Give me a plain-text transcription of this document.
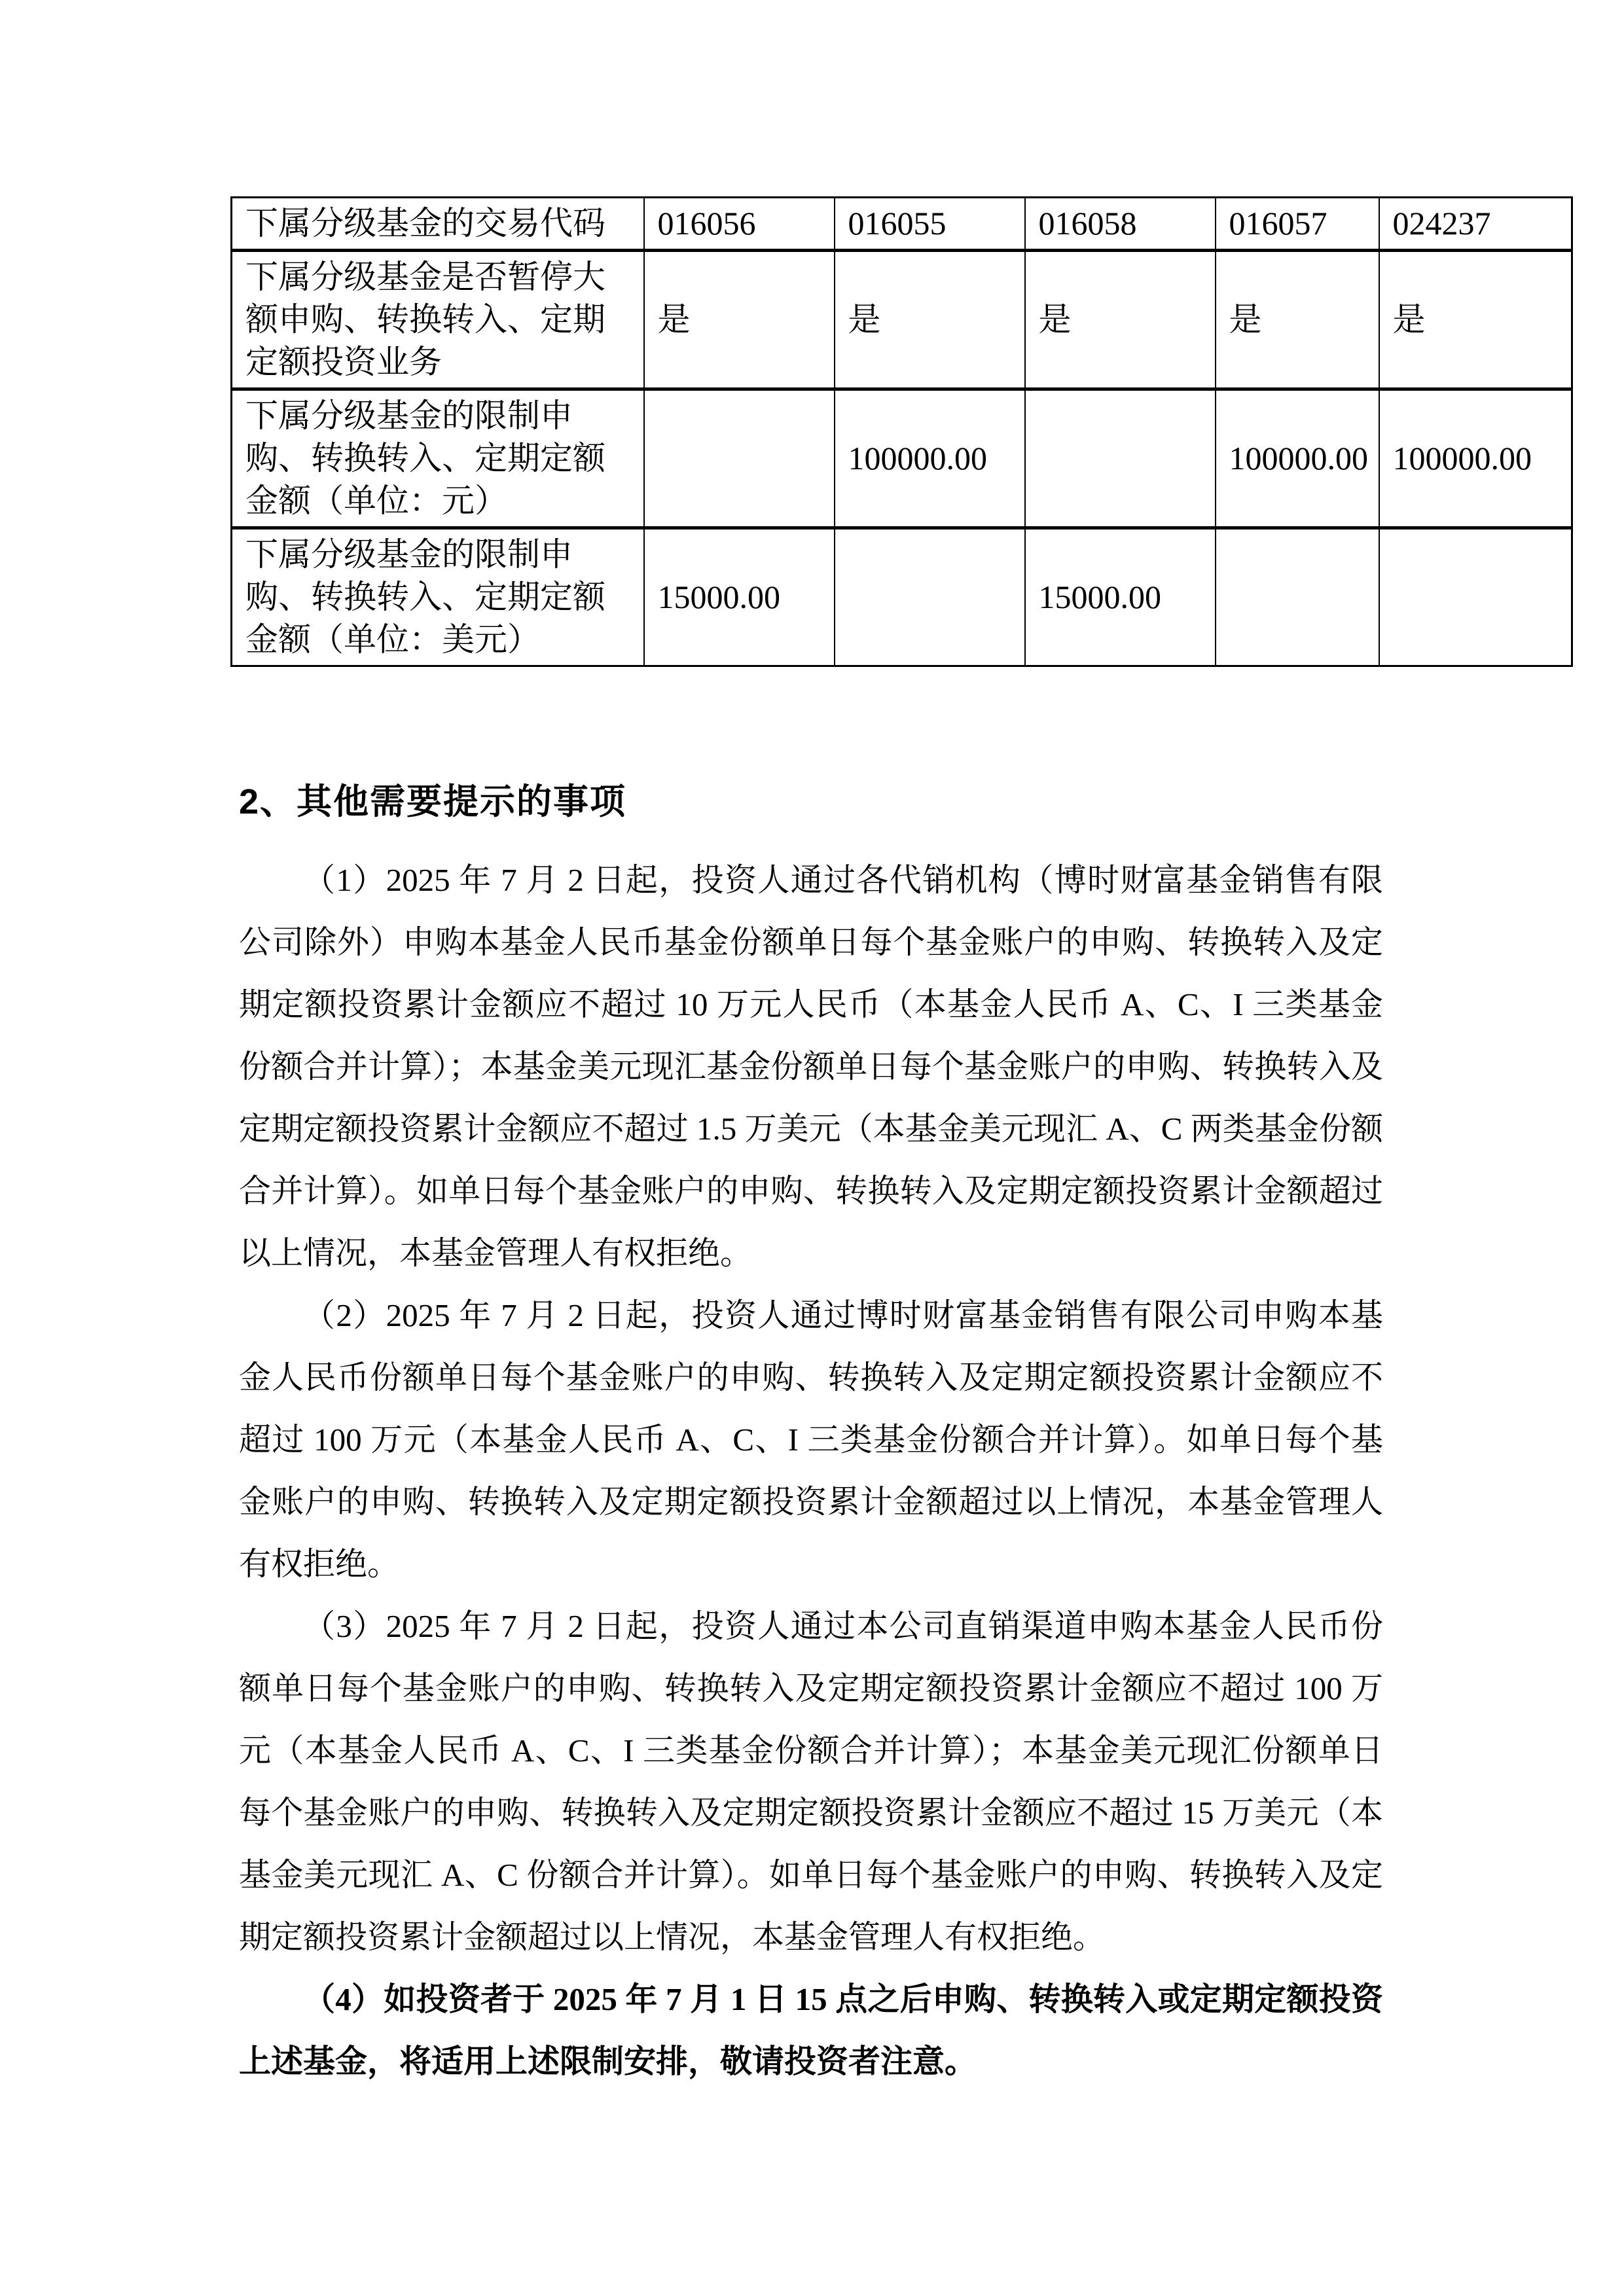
下属分级基金的交易代码	016056	016055	016058	016057	024237
下属分级基金是否暂停大额申购、转换转入、定期定额投资业务	是	是	是	是	是
下属分级基金的限制申购、转换转入、定期定额金额（单位：元）		100000.00		100000.00	100000.00
下属分级基金的限制申购、转换转入、定期定额金额（单位：美元）	15000.00		15000.00		
2、其他需要提示的事项

（1）2025 年 7 月 2 日起，投资人通过各代销机构（博时财富基金销售有限公司除外）申购本基金人民币基金份额单日每个基金账户的申购、转换转入及定期定额投资累计金额应不超过 10 万元人民币（本基金人民币 A、C、I 三类基金份额合并计算）；本基金美元现汇基金份额单日每个基金账户的申购、转换转入及定期定额投资累计金额应不超过 1.5 万美元（本基金美元现汇 A、C 两类基金份额合并计算）。如单日每个基金账户的申购、转换转入及定期定额投资累计金额超过以上情况，本基金管理人有权拒绝。

（2）2025 年 7 月 2 日起，投资人通过博时财富基金销售有限公司申购本基金人民币份额单日每个基金账户的申购、转换转入及定期定额投资累计金额应不超过 100 万元（本基金人民币 A、C、I 三类基金份额合并计算）。如单日每个基金账户的申购、转换转入及定期定额投资累计金额超过以上情况，本基金管理人有权拒绝。

（3）2025 年 7 月 2 日起，投资人通过本公司直销渠道申购本基金人民币份额单日每个基金账户的申购、转换转入及定期定额投资累计金额应不超过 100 万元（本基金人民币 A、C、I 三类基金份额合并计算）；本基金美元现汇份额单日每个基金账户的申购、转换转入及定期定额投资累计金额应不超过 15 万美元（本基金美元现汇 A、C 份额合并计算）。如单日每个基金账户的申购、转换转入及定期定额投资累计金额超过以上情况，本基金管理人有权拒绝。

（4）如投资者于 2025 年 7 月 1 日 15 点之后申购、转换转入或定期定额投资上述基金，将适用上述限制安排，敬请投资者注意。
